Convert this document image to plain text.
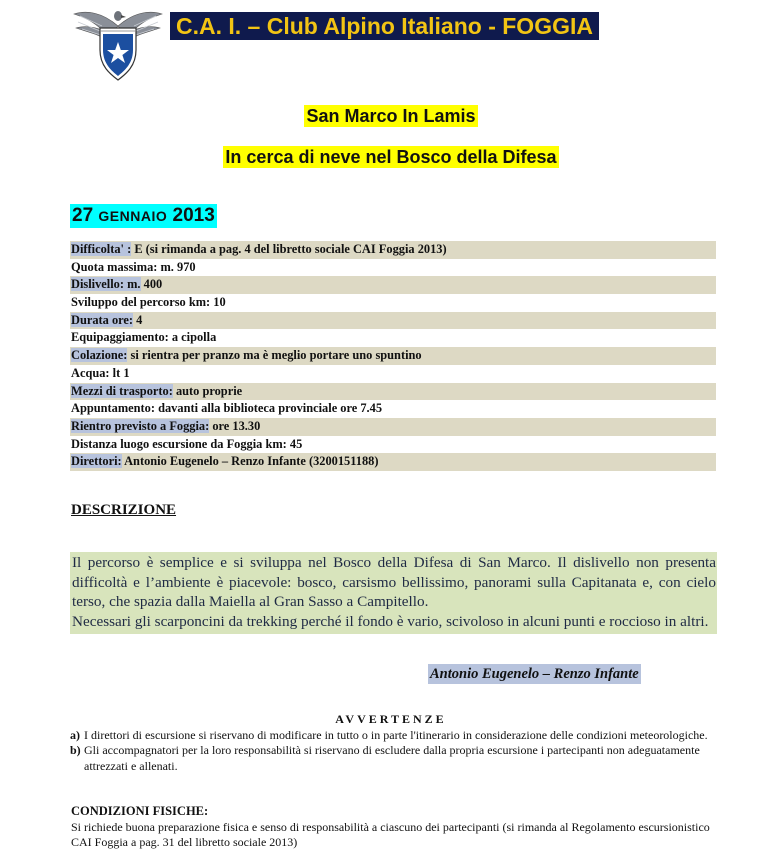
C.A. I. – Club Alpino Italiano - FOGGIA
San Marco In Lamis
In cerca di neve nel Bosco della Difesa
27 GENNAIO 2013
Difficolta' : E (si rimanda a pag. 4 del libretto sociale CAI Foggia 2013)
Quota massima: m. 970
Dislivello: m. 400
Sviluppo del percorso km: 10
Durata ore: 4
Equipaggiamento: a cipolla
Colazione: si rientra per pranzo ma è meglio portare uno spuntino
Acqua: lt 1
Mezzi di trasporto: auto proprie
Appuntamento: davanti alla biblioteca provinciale ore 7.45
Rientro previsto a Foggia: ore 13.30
Distanza luogo escursione da Foggia km: 45
Direttori: Antonio Eugenelo – Renzo Infante (3200151188)
DESCRIZIONE

Il percorso è semplice e si sviluppa nel Bosco della Difesa di San Marco. Il dislivello non presenta difficoltà e l’ambiente è piacevole: bosco, carsismo bellissimo, panorami sulla Capitanata e, con cielo terso, che spazia dalla Maiella al Gran Sasso a Campitello.

Necessari gli scarponcini da trekking perché il fondo è vario, scivoloso in alcuni punti e roccioso in altri.

Antonio Eugenelo – Renzo Infante
AVVERTENZE
a) I direttori di escursione si riservano di modificare in tutto o in parte l'itinerario in considerazione delle condizioni meteorologiche.
b) Gli accompagnatori per la loro responsabilità si riservano di escludere dalla propria escursione i partecipanti non adeguatamente attrezzati e allenati.
CONDIZIONI FISICHE:
Si richiede buona preparazione fisica e senso di responsabilità a ciascuno dei partecipanti (si rimanda al Regolamento escursionistico CAI Foggia a pag. 31 del libretto sociale 2013)
